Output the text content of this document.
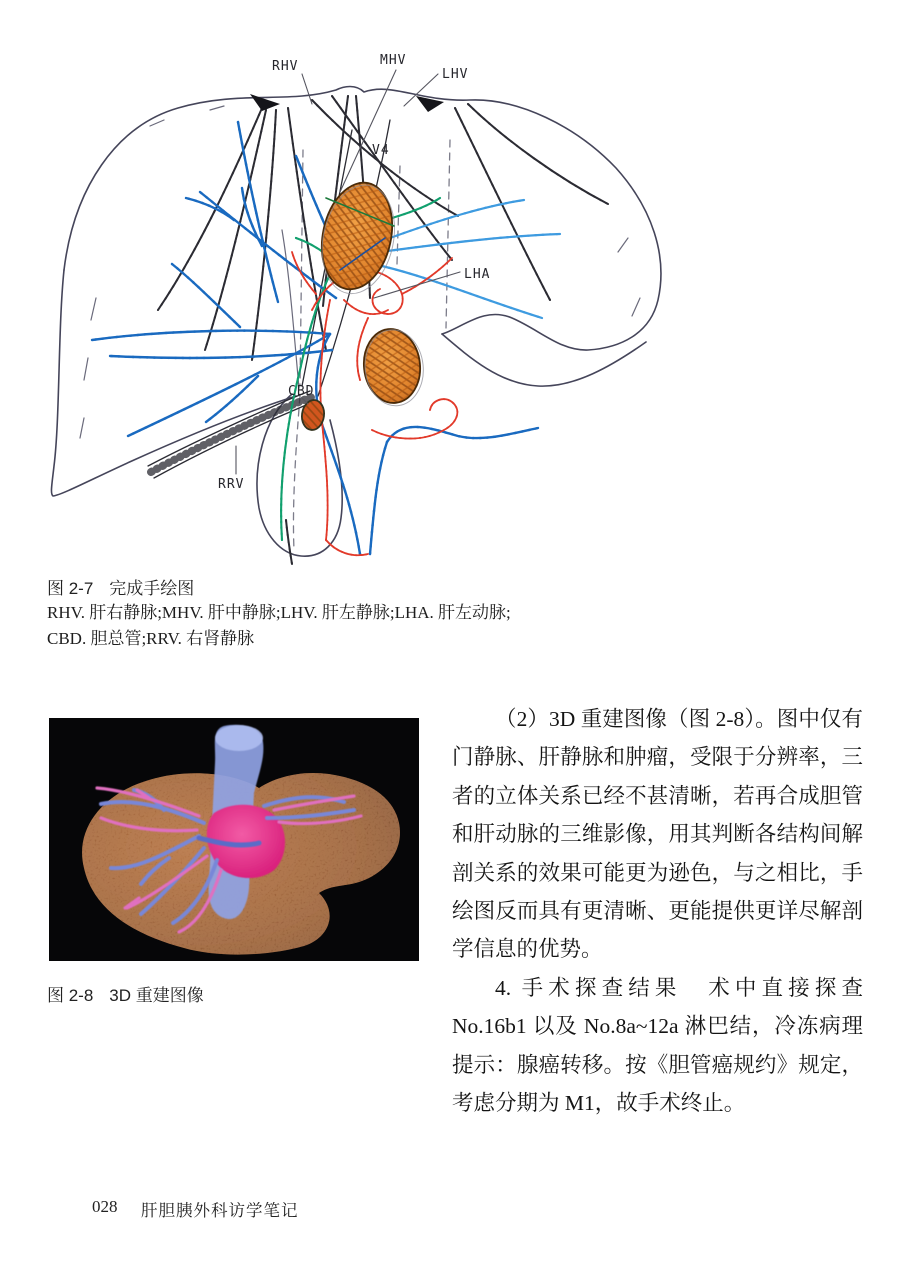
RHV	MHV
LHV
V4
LHA
CBD
RRV
图 2-7 完成手绘图
RHV. 肝右静脉;MHV. 肝中静脉;LHV. 肝左静脉;LHA. 肝左动脉;
CBD. 胆总管;RRV. 右肾静脉
图 2-8 3D 重建图像

（2）3D 重建图像（图 2-8）。图中仅有门静脉、肝静脉和肿瘤，受限于分辨率，三者的立体关系已经不甚清晰，若再合成胆管和肝动脉的三维影像，用其判断各结构间解剖关系的效果可能更为逊色，与之相比，手绘图反而具有更清晰、更能提供更详尽解剖学信息的优势。

4. 手术探查结果　术中直接探查 No.16b1 以及 No.8a~12a 淋巴结，冷冻病理提示：腺癌转移。按《胆管癌规约》规定，考虑分期为 M1，故手术终止。

028 肝胆胰外科访学笔记
